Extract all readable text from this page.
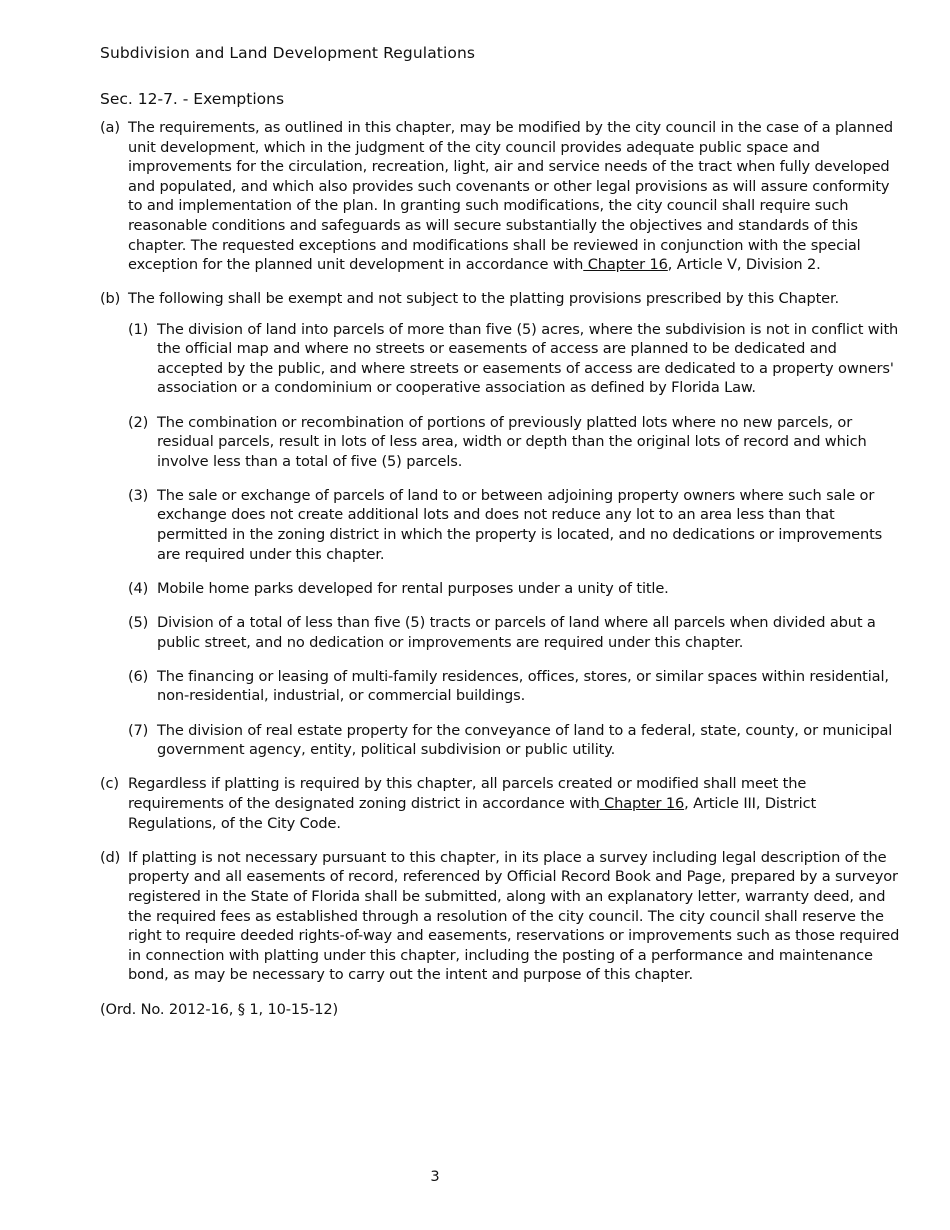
Subdivision and Land Development Regulations
Sec. 12-7. - Exemptions
(a) The requirements, as outlined in this chapter, may be modified by the city council in the case of a planned unit development, which in the judgment of the city council provides adequate public space and improvements for the circulation, recreation, light, air and service needs of the tract when fully developed and populated, and which also provides such covenants or other legal provisions as will assure conformity to and implementation of the plan. In granting such modifications, the city council shall require such reasonable conditions and safeguards as will secure substantially the objectives and standards of this chapter. The requested exceptions and modifications shall be reviewed in conjunction with the special exception for the planned unit development in accordance with Chapter 16, Article V, Division 2.
(b) The following shall be exempt and not subject to the platting provisions prescribed by this Chapter.
(1) The division of land into parcels of more than five (5) acres, where the subdivision is not in conflict with the official map and where no streets or easements of access are planned to be dedicated and accepted by the public, and where streets or easements of access are dedicated to a property owners' association or a condominium or cooperative association as defined by Florida Law.
(2) The combination or recombination of portions of previously platted lots where no new parcels, or residual parcels, result in lots of less area, width or depth than the original lots of record and which involve less than a total of five (5) parcels.
(3) The sale or exchange of parcels of land to or between adjoining property owners where such sale or exchange does not create additional lots and does not reduce any lot to an area less than that permitted in the zoning district in which the property is located, and no dedications or improvements are required under this chapter.
(4) Mobile home parks developed for rental purposes under a unity of title.
(5) Division of a total of less than five (5) tracts or parcels of land where all parcels when divided abut a public street, and no dedication or improvements are required under this chapter.
(6) The financing or leasing of multi-family residences, offices, stores, or similar spaces within residential, non-residential, industrial, or commercial buildings.
(7) The division of real estate property for the conveyance of land to a federal, state, county, or municipal government agency, entity, political subdivision or public utility.
(c) Regardless if platting is required by this chapter, all parcels created or modified shall meet the requirements of the designated zoning district in accordance with Chapter 16, Article III, District Regulations, of the City Code.
(d) If platting is not necessary pursuant to this chapter, in its place a survey including legal description of the property and all easements of record, referenced by Official Record Book and Page, prepared by a surveyor registered in the State of Florida shall be submitted, along with an explanatory letter, warranty deed, and the required fees as established through a resolution of the city council. The city council shall reserve the right to require deeded rights-of-way and easements, reservations or improvements such as those required in connection with platting under this chapter, including the posting of a performance and maintenance bond, as may be necessary to carry out the intent and purpose of this chapter.
(Ord. No. 2012-16, § 1, 10-15-12)
3
